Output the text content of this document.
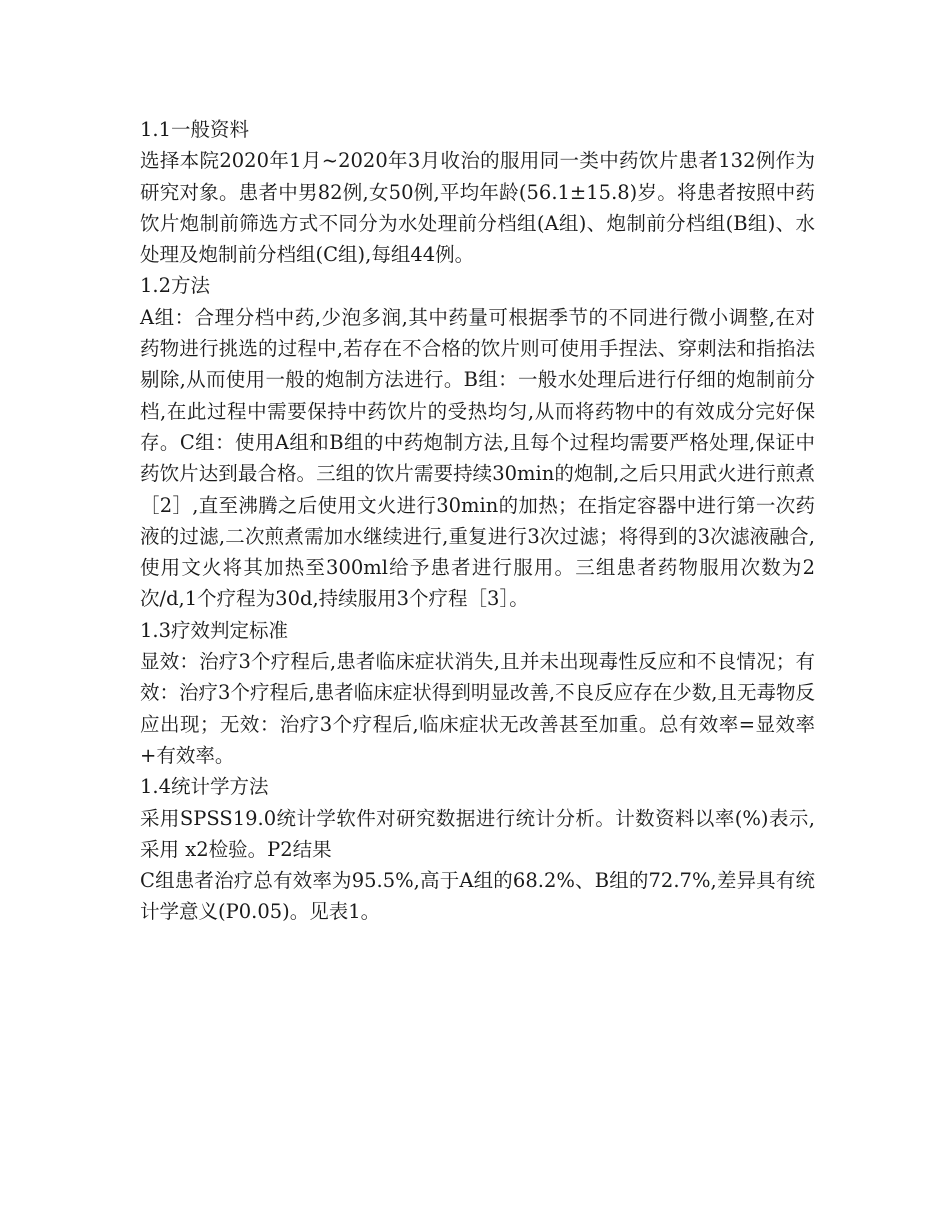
1.1一般资料

选择本院2020年1月~2020年3月收治的服用同一类中药饮片患者132例作为研究对象。患者中男82例,女50例,平均年龄(56.1±15.8)岁。将患者按照中药饮片炮制前筛选方式不同分为水处理前分档组(A组)、炮制前分档组(B组)、水处理及炮制前分档组(C组),每组44例。

1.2方法

A组：合理分档中药,少泡多润,其中药量可根据季节的不同进行微小调整,在对药物进行挑选的过程中,若存在不合格的饮片则可使用手捏法、穿刺法和指掐法剔除,从而使用一般的炮制方法进行。B组：一般水处理后进行仔细的炮制前分档,在此过程中需要保持中药饮片的受热均匀,从而将药物中的有效成分完好保存。C组：使用A组和B组的中药炮制方法,且每个过程均需要严格处理,保证中药饮片达到最合格。三组的饮片需要持续30min的炮制,之后只用武火进行煎煮［2］,直至沸腾之后使用文火进行30min的加热；在指定容器中进行第一次药液的过滤,二次煎煮需加水继续进行,重复进行3次过滤；将得到的3次滤液融合,使用文火将其加热至300ml给予患者进行服用。三组患者药物服用次数为2次/d,1个疗程为30d,持续服用3个疗程［3］。

1.3疗效判定标准

显效：治疗3个疗程后,患者临床症状消失,且并未出现毒性反应和不良情况；有效：治疗3个疗程后,患者临床症状得到明显改善,不良反应存在少数,且无毒物反应出现；无效：治疗3个疗程后,临床症状无改善甚至加重。总有效率=显效率+有效率。

1.4统计学方法

采用SPSS19.0统计学软件对研究数据进行统计分析。计数资料以率(%)表示,采用 x2检验。P2结果

C组患者治疗总有效率为95.5%,高于A组的68.2%、B组的72.7%,差异具有统计学意义(P0.05)。见表1。
